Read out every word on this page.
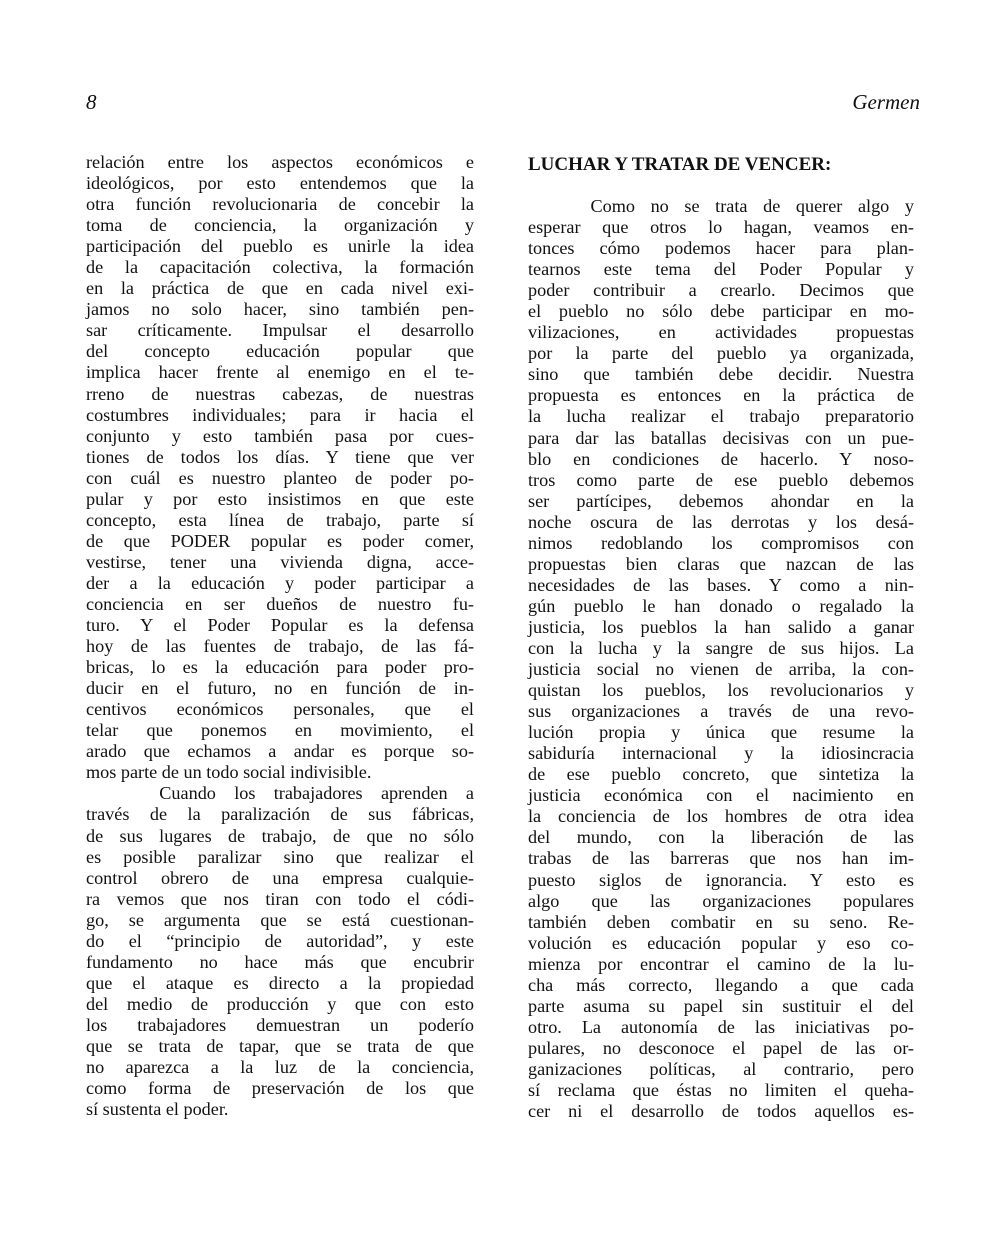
8	Germen
relación entre los aspectos económicos e
ideológicos, por esto entendemos que la
otra función revolucionaria de concebir la
toma de conciencia, la organización y
participación del pueblo es unirle la idea
de la capacitación colectiva, la formación
en la práctica de que en cada nivel exi-
jamos no solo hacer, sino también pen-
sar críticamente. Impulsar el desarrollo
del concepto educación popular que
implica hacer frente al enemigo en el te-
rreno de nuestras cabezas, de nuestras
costumbres individuales; para ir hacia el
conjunto y esto también pasa por cues-
tiones de todos los días. Y tiene que ver
con cuál es nuestro planteo de poder po-
pular y por esto insistimos en que este
concepto, esta línea de trabajo, parte sí
de que PODER popular es poder comer,
vestirse, tener una vivienda digna, acce-
der a la educación y poder participar a
conciencia en ser dueños de nuestro fu-
turo. Y el Poder Popular es la defensa
hoy de las fuentes de trabajo, de las fá-
bricas, lo es la educación para poder pro-
ducir en el futuro, no en función de in-
centivos económicos personales, que el
telar que ponemos en movimiento, el
arado que echamos a andar es porque so-
mos parte de un todo social indivisible.
Cuando los trabajadores aprenden a
través de la paralización de sus fábricas,
de sus lugares de trabajo, de que no sólo
es posible paralizar sino que realizar el
control obrero de una empresa cualquie-
ra vemos que nos tiran con todo el códi-
go, se argumenta que se está cuestionan-
do el “principio de autoridad”, y este
fundamento no hace más que encubrir
que el ataque es directo a la propiedad
del medio de producción y que con esto
los trabajadores demuestran un poderío
que se trata de tapar, que se trata de que
no aparezca a la luz de la conciencia,
como forma de preservación de los que
sí sustenta el poder.
LUCHAR Y TRATAR DE VENCER:
Como no se trata de querer algo y
esperar que otros lo hagan, veamos en-
tonces cómo podemos hacer para plan-
tearnos este tema del Poder Popular y
poder contribuir a crearlo. Decimos que
el pueblo no sólo debe participar en mo-
vilizaciones, en actividades propuestas
por la parte del pueblo ya organizada,
sino que también debe decidir. Nuestra
propuesta es entonces en la práctica de
la lucha realizar el trabajo preparatorio
para dar las batallas decisivas con un pue-
blo en condiciones de hacerlo. Y noso-
tros como parte de ese pueblo debemos
ser partícipes, debemos ahondar en la
noche oscura de las derrotas y los desá-
nimos redoblando los compromisos con
propuestas bien claras que nazcan de las
necesidades de las bases. Y como a nin-
gún pueblo le han donado o regalado la
justicia, los pueblos la han salido a ganar
con la lucha y la sangre de sus hijos. La
justicia social no vienen de arriba, la con-
quistan los pueblos, los revolucionarios y
sus organizaciones a través de una revo-
lución propia y única que resume la
sabiduría internacional y la idiosincracia
de ese pueblo concreto, que sintetiza la
justicia económica con el nacimiento en
la conciencia de los hombres de otra idea
del mundo, con la liberación de las
trabas de las barreras que nos han im-
puesto siglos de ignorancia. Y esto es
algo que las organizaciones populares
también deben combatir en su seno. Re-
volución es educación popular y eso co-
mienza por encontrar el camino de la lu-
cha más correcto, llegando a que cada
parte asuma su papel sin sustituir el del
otro. La autonomía de las iniciativas po-
pulares, no desconoce el papel de las or-
ganizaciones políticas, al contrario, pero
sí reclama que éstas no limiten el queha-
cer ni el desarrollo de todos aquellos es-
